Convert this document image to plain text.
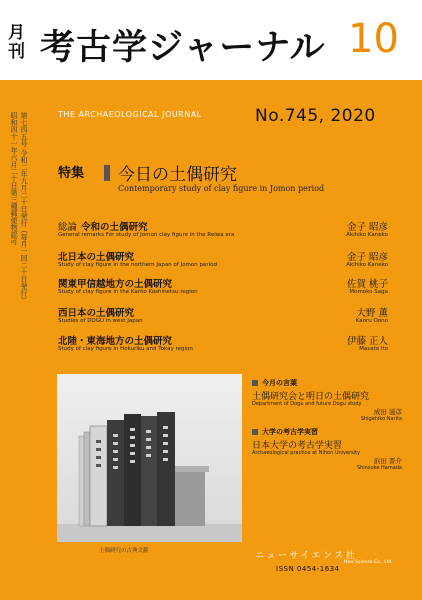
月
刊 考古学ジャーナル 10
第七四五号 令和二年九月二十日発行（毎月一回二十日発行）昭和四十一年六月二十日第三種郵便物認可	THE ARCHAEOLOGICAL JOURNAL	No.745, 2020
特集 今日の土偶研究
Contemporary study of clay figure in Jomon period
総論 令和の土偶研究
General remarks For study of Jomon clay figure in the Reiwa era
金子 昭彦
Akihiko Kaneko
北日本の土偶研究
Study of clay figure in the northern Japan of Jomon period
金子 昭彦
Akihiko Kaneko
関東甲信越地方の土偶研究
Study of clay figure in the Kanto Koshinetsu region
佐賀 桃子
Momoko Saga
西日本の土偶研究
Studies of DOGU in west Japan
大野 薫
Kaoru Oono
北陸・東海地方の土偶研究
Study of clay figure in Hokuriku and Tokay region
伊藤 正人
Masato Ito
土偶研究の古典文献
今月の言葉
土偶研究会と明日の土偶研究
Department of Dogu and future Dogu study
成田 滋彦
Shigehiko Narita
大学の考古学実習
日本大学の考古学実習
Archaeological practice at Nihon University
浜田 晋介
Shinsuke Hamada
ニューサイエンス社
New Science Co., Ltd.
ISSN 0454-1634
